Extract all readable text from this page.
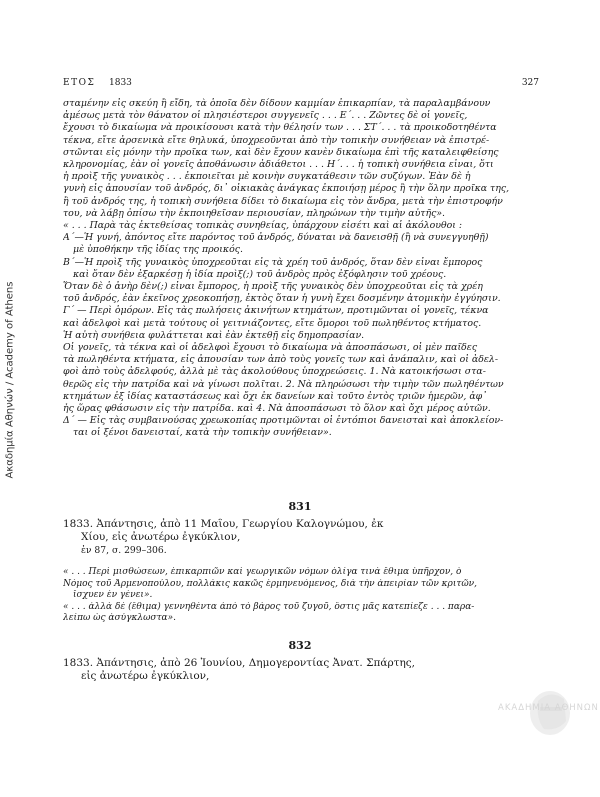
Ακαδημία Αθηνών / Academy of Athens
ΕΤΟΣ 1833	327
σταμένην εἰς σκεύη ἢ εἴδη, τὰ ὁποῖα δὲν δίδουν καμμίαν ἐπικαρπίαν, τὰ παραλαμβάνουν
ἀμέσως μετὰ τὸν θάνατον οἱ πλησιέστεροι συγγενεῖς . . . Ε΄. . . Ζῶντες δὲ οἱ γονεῖς,
ἔχουσι τὸ δικαίωμα νὰ προικίσουσι κατὰ τὴν θέλησίν των . . . ΣΤ΄. . . τὰ προικοδοτηθέντα
τέκνα, εἴτε ἀρσενικὰ εἴτε θηλυκά, ὑποχρεοῦνται ἀπὸ τὴν τοπικὴν συνήθειαν νὰ ἐπιστρέ-
στῶνται εἰς μόνην τὴν προῖκα των, καὶ δὲν ἔχουν κανὲν δικαίωμα ἐπὶ τῆς καταλειφθείσης
κληρονομίας, ἐὰν οἱ γονεῖς ἀποθάνωσιν ἀδιάθετοι . . . Η΄. . . ἡ τοπικὴ συνήθεια εἶναι, ὅτι
ἡ προὶξ τῆς γυναικὸς . . . ἐκποιεῖται μὲ κοινὴν συγκατάθεσιν τῶν συζύγων. Ἐὰν δὲ ἡ
γυνὴ εἰς ἀπουσίαν τοῦ ἀνδρός, δι᾿ οἰκιακὰς ἀνάγκας ἐκποιήσῃ μέρος ἢ τὴν ὅλην προῖκα της,
ἢ τοῦ ἀνδρός της, ἡ τοπικὴ συνήθεια δίδει τὸ δικαίωμα εἰς τὸν ἄνδρα, μετὰ τὴν ἐπιστροφήν
του, νὰ λάβῃ ὀπίσω τὴν ἐκποιηθεῖσαν περιουσίαν, πληρώνων τὴν τιμὴν αὐτῆς».
« . . . Παρὰ τὰς ἐκτεθείσας τοπικὰς συνηθείας, ὑπάρχουν εἰσέτι καὶ αἱ ἀκόλουθοι :
Α΄—Ἡ γυνή, ἀπόντος εἴτε παρόντος τοῦ ἀνδρός, δύναται νὰ δανεισθῇ (ἢ νὰ συνεγγυηθῇ)
μὲ ὑποθήκην τῆς ἰδίας της προικός.
Β΄—Ἡ προὶξ τῆς γυναικὸς ὑποχρεοῦται εἰς τὰ χρέη τοῦ ἀνδρός, ὅταν δὲν εἶναι ἔμπορος
καὶ ὅταν δὲν ἐξαρκέσῃ ἡ ἰδία προὶξ(;) τοῦ ἀνδρὸς πρὸς ἐξόφλησιν τοῦ χρέους.
Ὅταν δὲ ὁ ἀνὴρ δὲν(;) εἶναι ἔμπορος, ἡ προὶξ τῆς γυναικὸς δὲν ὑποχρεοῦται εἰς τὰ χρέη
τοῦ ἀνδρός, ἐὰν ἐκεῖνος χρεοκοπήσῃ, ἐκτὸς ὅταν ἡ γυνὴ ἔχει δοσμένην ἀτομικὴν ἐγγύησιν.
Γ΄ — Περὶ ὁμόρων. Εἰς τὰς πωλήσεις ἀκινήτων κτημάτων, προτιμῶνται οἱ γονεῖς, τέκνα
καὶ ἀδελφοὶ καὶ μετὰ τούτους οἱ γειτνιάζοντες, εἴτε ὅμοροι τοῦ πωληθέντος κτήματος.
Ἡ αὐτὴ συνήθεια φυλάττεται καὶ ἐὰν ἐκτεθῇ εἰς δημοπρασίαν.
Οἱ γονεῖς, τὰ τέκνα καὶ οἱ ἀδελφοὶ ἔχουσι τὸ δικαίωμα νὰ ἀποσπάσωσι, οἱ μὲν παῖδες
τὰ πωληθέντα κτήματα, εἰς ἀπουσίαν των ἀπὸ τοὺς γονεῖς των καὶ ἀνάπαλιν, καὶ οἱ ἀδελ-
φοὶ ἀπὸ τοὺς ἀδελφούς, ἀλλὰ μὲ τὰς ἀκολούθους ὑποχρεώσεις. 1. Νὰ κατοικήσωσι στα-
θερῶς εἰς τὴν πατρίδα καὶ νὰ γίνωσι πολῖται. 2. Νὰ πληρώσωσι τὴν τιμὴν τῶν πωληθέντων
κτημάτων ἐξ ἰδίας καταστάσεως καὶ ὄχι ἐκ δανείων καὶ τοῦτο ἐντὸς τριῶν ἡμερῶν, ἀφ᾿
ἧς ὥρας φθάσωσιν εἰς τὴν πατρίδα. καὶ 4. Νὰ ἀποσπάσωσι τὸ ὅλον καὶ ὄχι μέρος αὐτῶν.
Δ΄ — Εἰς τὰς συμβαινούσας χρεωκοπίας προτιμῶνται οἱ ἐντόπιοι δανεισταὶ καὶ ἀποκλείον-
ται οἱ ξένοι δανεισταί, κατὰ τὴν τοπικὴν συνήθειαν».
831
1833. Ἀπάντησις, ἀπὸ 11 Μαΐου, Γεωργίου Καλογνώμου, ἐκ
Χίου, εἰς ἀνωτέρω ἐγκύκλιον,
ἐν 87, σ. 299–306.
« . . . Περὶ μισθώσεων, ἐπικαρπιῶν καὶ γεωργικῶν νόμων ὀλίγα τινὰ ἔθιμα ὑπῆρχον, ὁ
Νόμος τοῦ Ἀρμενοπούλου, πολλάκις κακῶς ἑρμηνευόμενος, διὰ τὴν ἀπειρίαν τῶν κριτῶν,
ἴσχυεν ἐν γένει».
« . . . ἀλλὰ δὲ (ἔθιμα) γεννηθέντα ἀπὸ τὸ βάρος τοῦ ζυγοῦ, ὅστις μᾶς κατεπίεζε . . . παρα-
λείπω ὡς ἀσύγκλωστα».
832
1833. Ἀπάντησις, ἀπὸ 26 Ἰουνίου, Δημογεροντίας Ἀνατ. Σπάρτης,
εἰς ἀνωτέρω ἐγκύκλιον,
ΑΚΑΔΗΜΙΑ ΑΘΗΝΩΝ
